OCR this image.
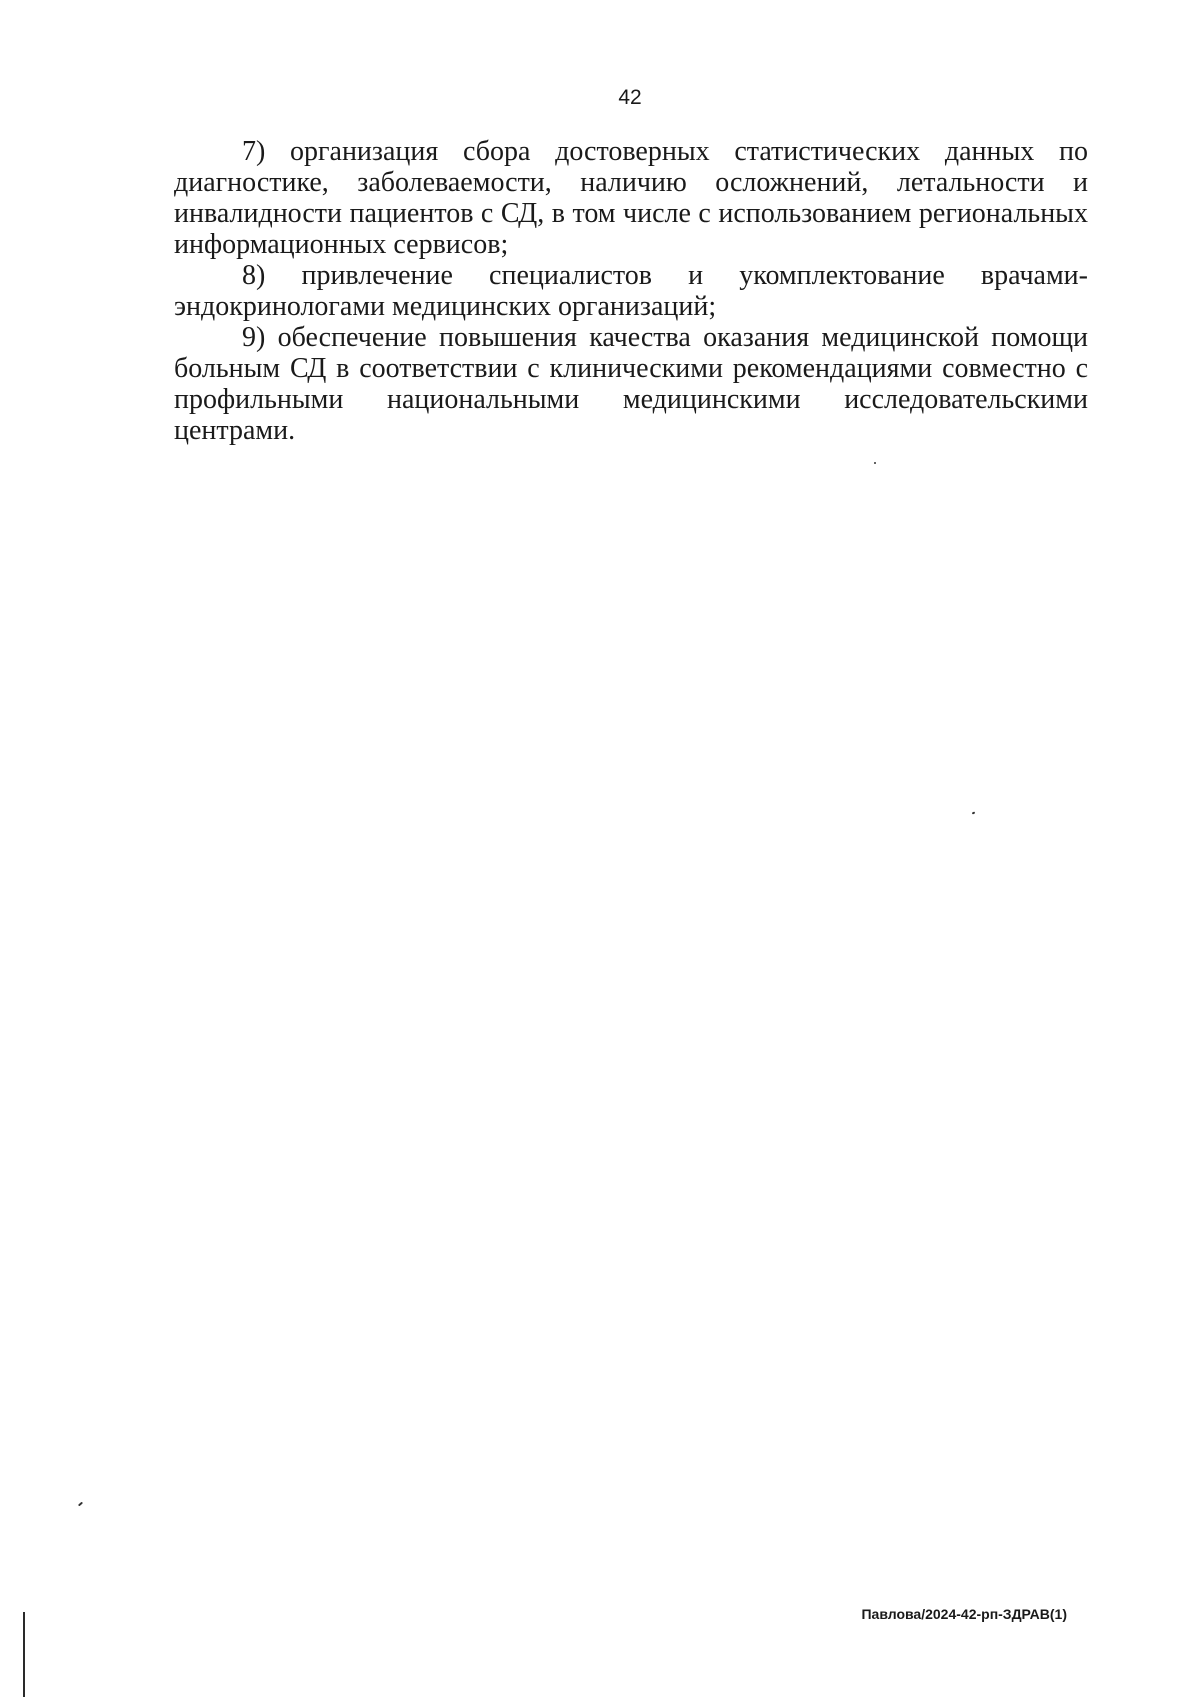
42

7) организация сбора достоверных статистических данных по диагностике, заболеваемости, наличию осложнений, летальности и инвалидности пациентов с СД, в том числе с использованием региональных информационных сервисов;

8) привлечение специалистов и укомплектование врачами-эндокринологами медицинских организаций;

9) обеспечение повышения качества оказания медицинской помощи больным СД в соответствии с клиническими рекомендациями совместно с профильными национальными медицинскими исследовательскими центрами.

Павлова/2024-42-рп-ЗДРАВ(1)
